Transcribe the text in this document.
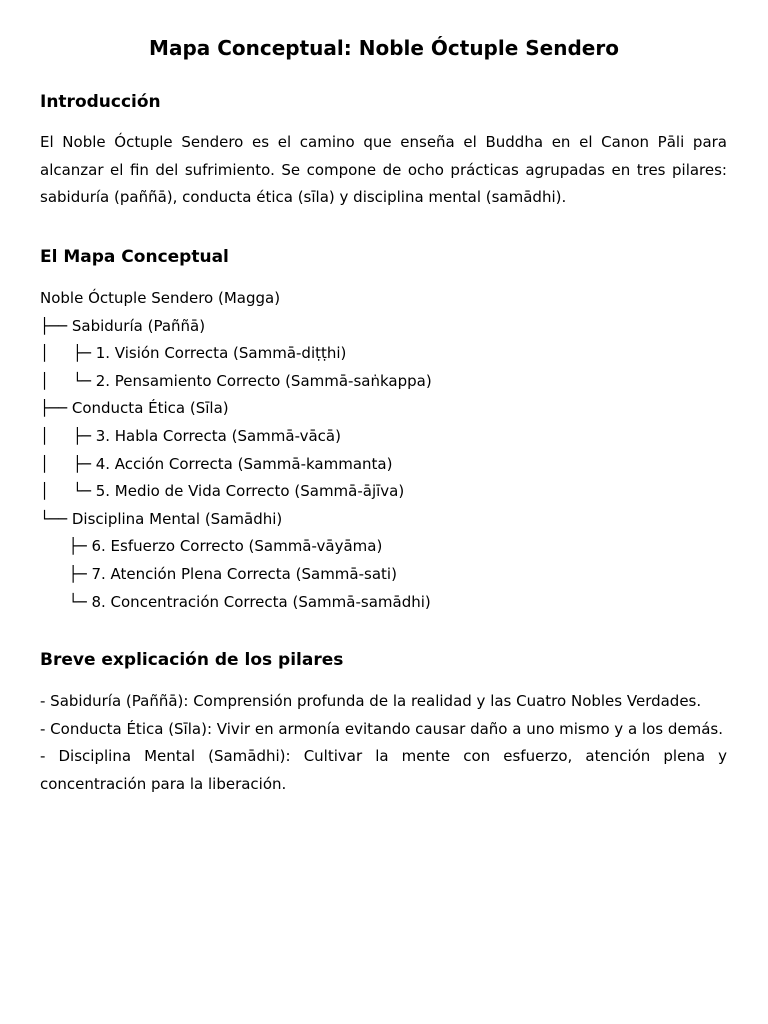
Mapa Conceptual: Noble Óctuple Sendero
Introducción

El Noble Óctuple Sendero es el camino que enseña el Buddha en el Canon Pāli para alcanzar el fin del sufrimiento. Se compone de ocho prácticas agrupadas en tres pilares: sabiduría (paññā), conducta ética (sīla) y disciplina mental (samādhi).

El Mapa Conceptual
Noble Óctuple Sendero (Magga)
├── Sabiduría (Paññā)
│     ├─ 1. Visión Correcta (Sammā-diṭṭhi)
│     └─ 2. Pensamiento Correcto (Sammā-saṅkappa)
├── Conducta Ética (Sīla)
│     ├─ 3. Habla Correcta (Sammā-vācā)
│     ├─ 4. Acción Correcta (Sammā-kammanta)
│     └─ 5. Medio de Vida Correcto (Sammā-ājīva)
└── Disciplina Mental (Samādhi)
├─ 6. Esfuerzo Correcto (Sammā-vāyāma)
├─ 7. Atención Plena Correcta (Sammā-sati)
└─ 8. Concentración Correcta (Sammā-samādhi)
Breve explicación de los pilares
- Sabiduría (Paññā): Comprensión profunda de la realidad y las Cuatro Nobles Verdades.
- Conducta Ética (Sīla): Vivir en armonía evitando causar daño a uno mismo y a los demás.
- Disciplina Mental (Samādhi): Cultivar la mente con esfuerzo, atención plena y concentración para la liberación.
